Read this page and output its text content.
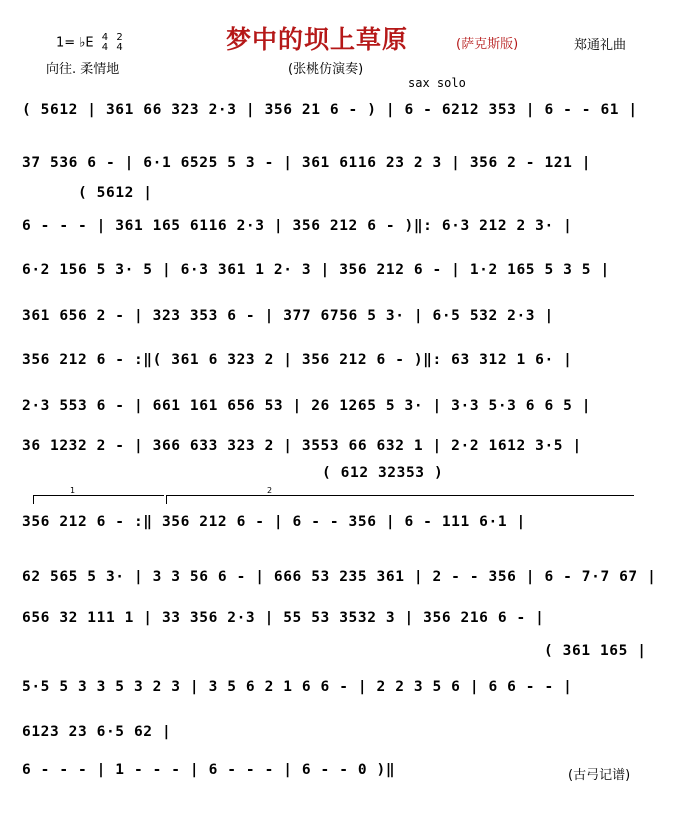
梦中的坝上草原	(萨克斯版)	郑通礼曲
(张桃仿演奏)
1= ♭E 4
4

2
4
向往. 柔情地
sax solo
( 5612 | 361 66 323 2·3 | 356 21 6 - ) | 6 - 6212 353 | 6 - - 61 |
37 536 6 - | 6·1 6525 5 3 - | 361 6116 23 2 3 | 356 2 - 121 |
( 5612 |
6 - - - | 361 165 6116 2·3 | 356 212 6 - )‖: 6·3 212 2 3· |
6·2 156 5 3· 5 | 6·3 361 1 2· 3 | 356 212 6 - | 1·2 165 5 3 5 |
361 656 2 - | 323 353 6 - | 377 6756 5 3· | 6·5 532 2·3 |
356 212 6 - :‖( 361 6 323 2 | 356 212 6 - )‖: 63 312 1 6· |
2·3 553 6 - | 661 161 656 53 | 26 1265 5 3· | 3·3 5·3 6 6 5 |
36 1232 2 - | 366 633 323 2 | 3553 66 632 1 | 2·2 1612 3·5 |
( 612 32353 )
1	2
356 212 6 - :‖ 356 212 6 - | 6 - - 356 | 6 - 111 6·1 |
62 565 5 3· | 3 3 56 6 - | 666 53 235 361 | 2 - - 356 | 6 - 7·7 67 |
656 32 111 1 | 33 356 2·3 | 55 53 3532 3 | 356 216 6 - |
( 361 165 |
5·5 5 3 3 5 3 2 3 | 3 5 6 2 1 6 6 - | 2 2 3 5 6 | 6 6 - - |
6123 23 6·5 62 |
6 - - - | 1 - - - | 6 - - - | 6 - - 0 )‖	(古弓记谱)
